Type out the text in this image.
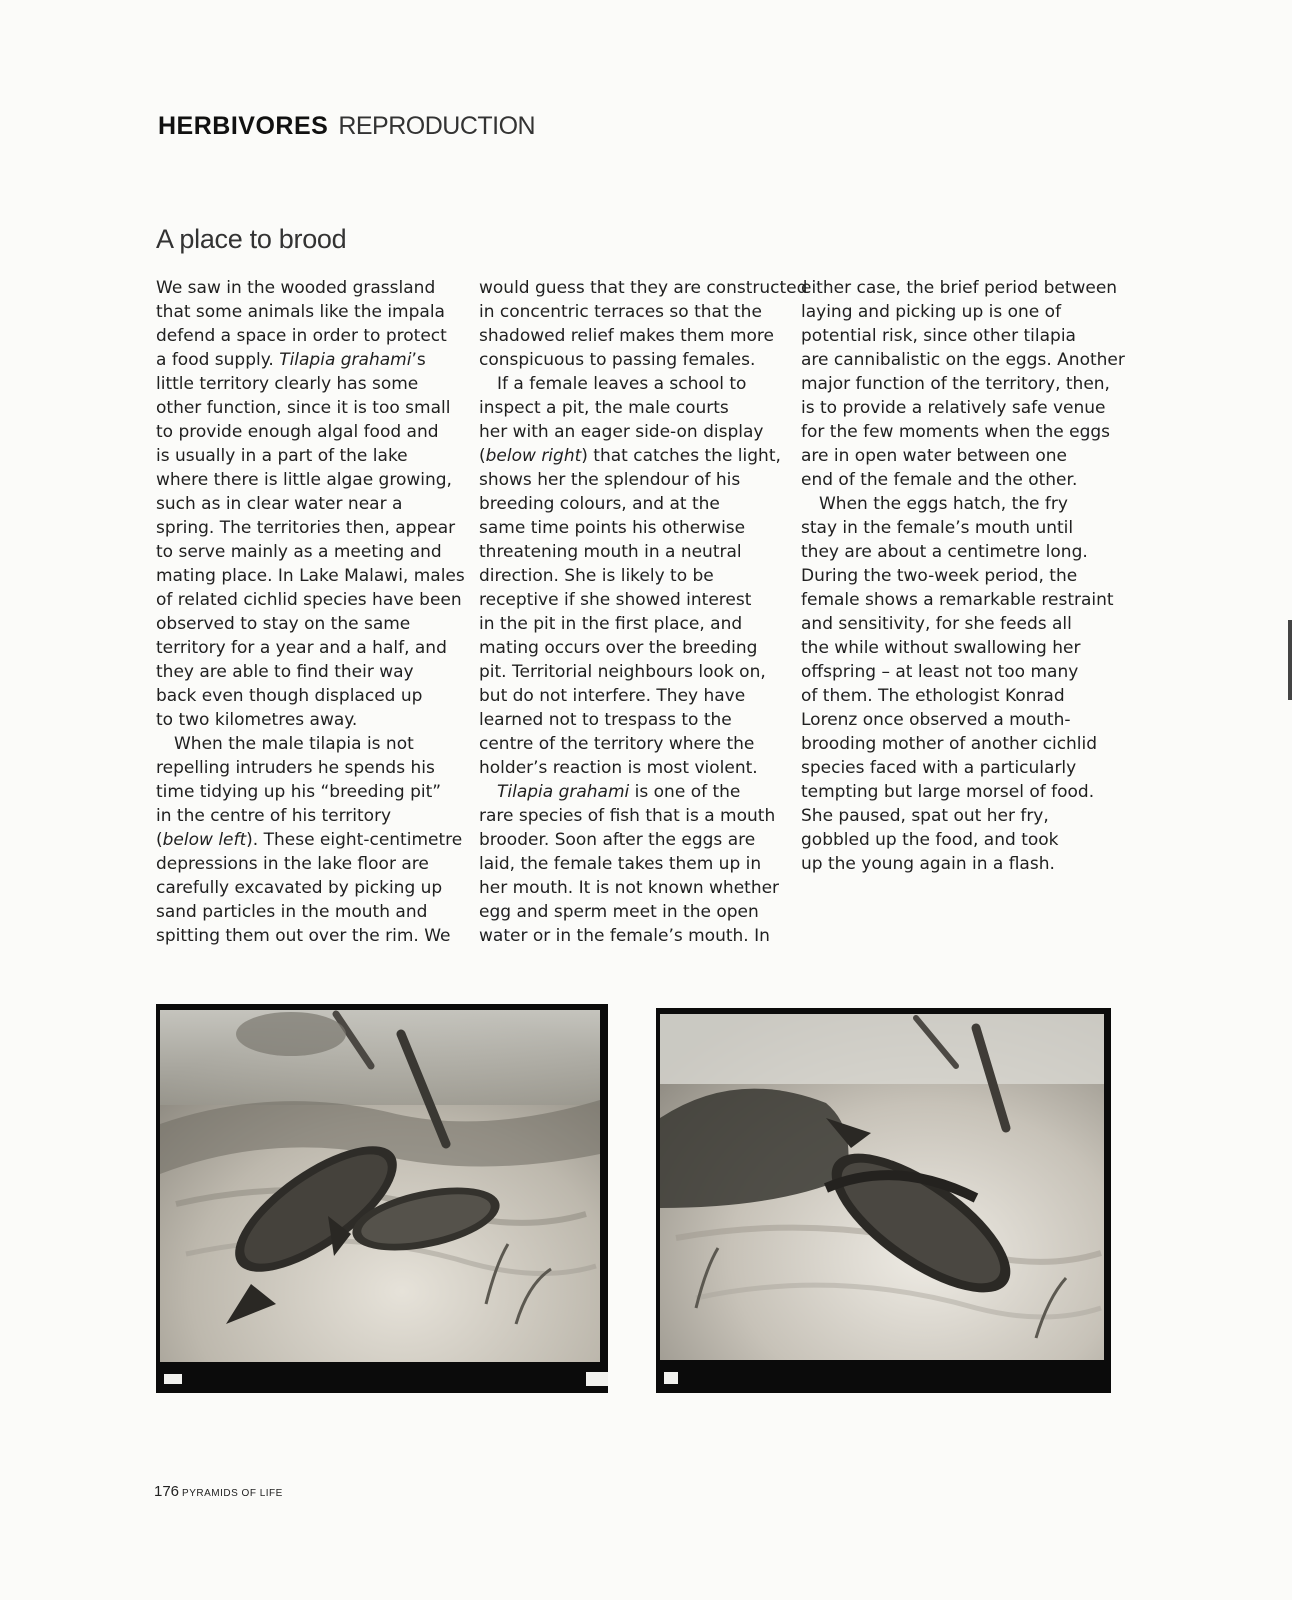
HERBIVORES REPRODUCTION
A place to brood

We saw in the wooded grassland

that some animals like the impala

defend a space in order to protect

a food supply. Tilapia grahami’s

little territory clearly has some

other function, since it is too small

to provide enough algal food and

is usually in a part of the lake

where there is little algae growing,

such as in clear water near a

spring. The territories then, appear

to serve mainly as a meeting and

mating place. In Lake Malawi, males

of related cichlid species have been

observed to stay on the same

territory for a year and a half, and

they are able to find their way

back even though displaced up

to two kilometres away.

When the male tilapia is not

repelling intruders he spends his

time tidying up his “breeding pit”

in the centre of his territory

(below left). These eight-centimetre

depressions in the lake floor are

carefully excavated by picking up

sand particles in the mouth and

spitting them out over the rim. We

would guess that they are constructed

in concentric terraces so that the

shadowed relief makes them more

conspicuous to passing females.

If a female leaves a school to

inspect a pit, the male courts

her with an eager side-on display

(below right) that catches the light,

shows her the splendour of his

breeding colours, and at the

same time points his otherwise

threatening mouth in a neutral

direction. She is likely to be

receptive if she showed interest

in the pit in the first place, and

mating occurs over the breeding

pit. Territorial neighbours look on,

but do not interfere. They have

learned not to trespass to the

centre of the territory where the

holder’s reaction is most violent.

Tilapia grahami is one of the

rare species of fish that is a mouth

brooder. Soon after the eggs are

laid, the female takes them up in

her mouth. It is not known whether

egg and sperm meet in the open

water or in the female’s mouth. In

either case, the brief period between

laying and picking up is one of

potential risk, since other tilapia

are cannibalistic on the eggs. Another

major function of the territory, then,

is to provide a relatively safe venue

for the few moments when the eggs

are in open water between one

end of the female and the other.

When the eggs hatch, the fry

stay in the female’s mouth until

they are about a centimetre long.

During the two-week period, the

female shows a remarkable restraint

and sensitivity, for she feeds all

the while without swallowing her

offspring – at least not too many

of them. The ethologist Konrad

Lorenz once observed a mouth-

brooding mother of another cichlid

species faced with a particularly

tempting but large morsel of food.

She paused, spat out her fry,

gobbled up the food, and took

up the young again in a flash.

176 PYRAMIDS OF LIFE
